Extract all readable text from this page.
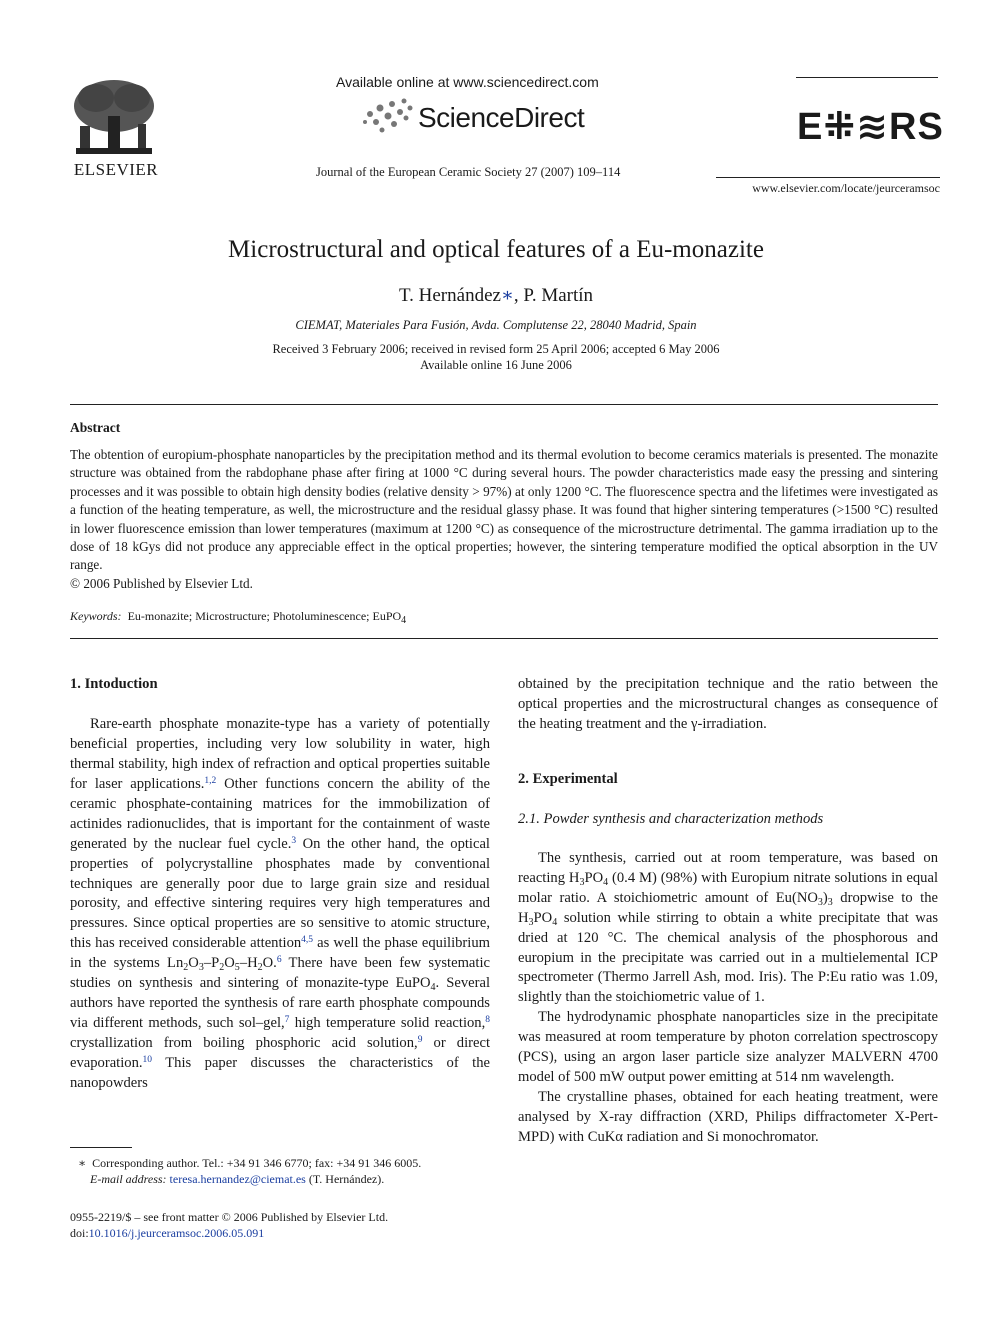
ELSEVIER
Available online at www.sciencedirect.com
ScienceDirect
Journal of the European Ceramic Society 27 (2007) 109–114
E⁜≋RS
www.elsevier.com/locate/jeurceramsoc
Microstructural and optical features of a Eu-monazite
T. Hernández∗, P. Martín
CIEMAT, Materiales Para Fusión, Avda. Complutense 22, 28040 Madrid, Spain
Received 3 February 2006; received in revised form 25 April 2006; accepted 6 May 2006
Available online 16 June 2006
Abstract
The obtention of europium-phosphate nanoparticles by the precipitation method and its thermal evolution to become ceramics materials is presented. The monazite structure was obtained from the rabdophane phase after firing at 1000 °C during several hours. The powder characteristics made easy the pressing and sintering processes and it was possible to obtain high density bodies (relative density > 97%) at only 1200 °C. The fluorescence spectra and the lifetimes were investigated as a function of the heating temperature, as well, the microstructure and the residual glassy phase. It was found that higher sintering temperatures (>1500 °C) resulted in lower fluorescence emission than lower temperatures (maximum at 1200 °C) as consequence of the microstructure detrimental. The gamma irradiation up to the dose of 18 kGys did not produce any appreciable effect in the optical properties; however, the sintering temperature modified the optical absorption in the UV range.
© 2006 Published by Elsevier Ltd.
Keywords: Eu-monazite; Microstructure; Photoluminescence; EuPO$_4$

1. Intoduction

Rare-earth phosphate monazite-type has a variety of potentially beneficial properties, including very low solubility in water, high thermal stability, high index of refraction and optical properties suitable for laser applications.$^{1,2}$ Other functions concern the ability of the ceramic phosphate-containing matrices for the immobilization of actinides radionuclides, that is important for the containment of waste generated by the nuclear fuel cycle.$^3$ On the other hand, the optical properties of polycrystalline phosphates made by conventional techniques are generally poor due to large grain size and residual porosity, and effective sintering requires very high temperatures and pressures. Since optical properties are so sensitive to atomic structure, this has received considerable attention$^{4,5}$ as well the phase equilibrium in the systems $Ln_2O_3-P_2O_5-H_2O.^6$ There have been few systematic studies on synthesis and sintering of monazite-type EuPO$_4$. Several authors have reported the synthesis of rare earth phosphate compounds via different methods, such sol–gel,$^7$ high temperature solid reaction,$^8$ crystallization from boiling phosphoric acid solution,$^9$ or direct evaporation.$^{10}$ This paper discusses the characteristics of the nanopowders

obtained by the precipitation technique and the ratio between the optical properties and the microstructural changes as consequence of the heating treatment and the γ-irradiation.

2. Experimental

2.1. Powder synthesis and characterization methods

The synthesis, carried out at room temperature, was based on reacting $H_3PO_4$ (0.4 M) (98%) with Europium nitrate solutions in equal molar ratio. A stoichiometric amount of $Eu(NO_3)_3$ dropwise to the $H_3PO_4$ solution while stirring to obtain a white precipitate that was dried at 120 °C. The chemical analysis of the phosphorous and europium in the precipitate was carried out in a multielemental ICP spectrometer (Thermo Jarrell Ash, mod. Iris). The P:Eu ratio was 1.09, slightly than the stoichiometric value of 1.

The hydrodynamic phosphate nanoparticles size in the precipitate was measured at room temperature by photon correlation spectroscopy (PCS), using an argon laser particle size analyzer MALVERN 4700 model of 500 mW output power emitting at 514 nm wavelength.

The crystalline phases, obtained for each heating treatment, were analysed by X-ray diffraction (XRD, Philips diffractometer X-Pert-MPD) with CuKα radiation and Si monochromator.

∗ Corresponding author. Tel.: +34 91 346 6770; fax: +34 91 346 6005.
E-mail address: teresa.hernandez@ciemat.es (T. Hernández).
0955-2219/$ – see front matter © 2006 Published by Elsevier Ltd.
doi:10.1016/j.jeurceramsoc.2006.05.091
